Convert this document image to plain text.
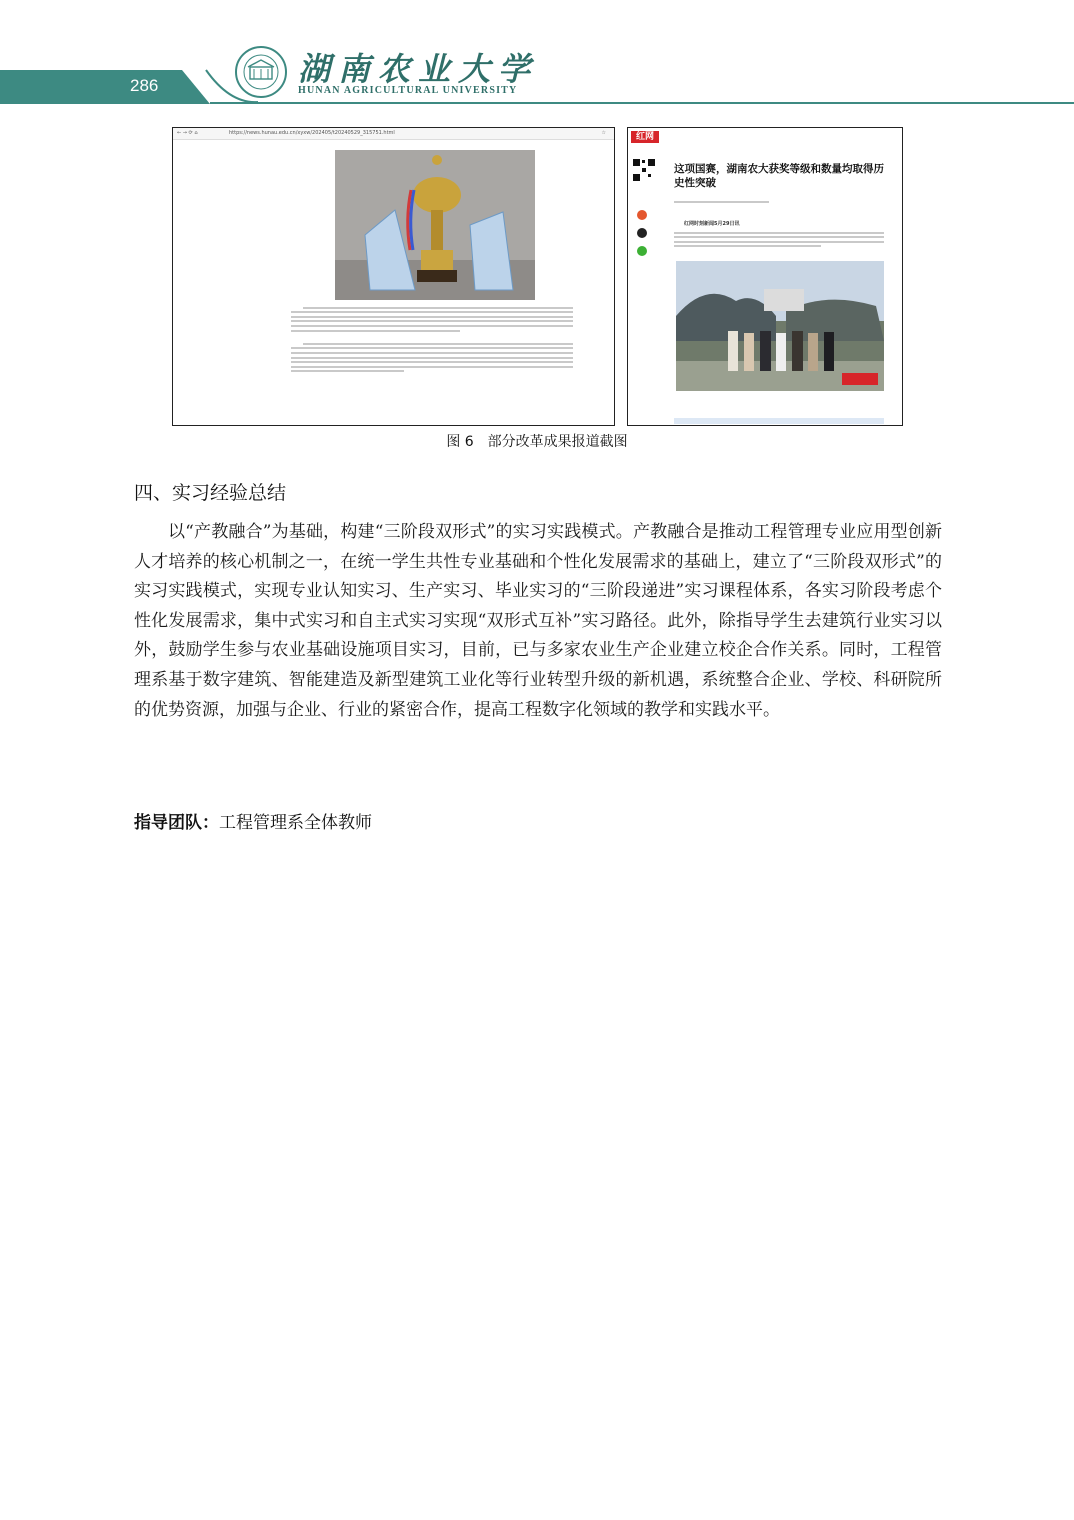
286	湖南农业大学
HUNAN AGRICULTURAL UNIVERSITY
← → ⟳ ⌂	https://news.hunau.edu.cn/xyxw/202405/t20240529_315751.html	☆	红网
这项国赛，湖南农大获奖等级和数量均取得历史性突破
红网时刻新闻5月29日讯
图 6　部分改革成果报道截图
四、实习经验总结
以“产教融合”为基础，构建“三阶段双形式”的实习实践模式。产教融合是推动工程管理专业应用型创新人才培养的核心机制之一，在统一学生共性专业基础和个性化发展需求的基础上，建立了“三阶段双形式”的实习实践模式，实现专业认知实习、生产实习、毕业实习的“三阶段递进”实习课程体系，各实习阶段考虑个性化发展需求，集中式实习和自主式实习实现“双形式互补”实习路径。此外，除指导学生去建筑行业实习以外，鼓励学生参与农业基础设施项目实习，目前，已与多家农业生产企业建立校企合作关系。同时，工程管理系基于数字建筑、智能建造及新型建筑工业化等行业转型升级的新机遇，系统整合企业、学校、科研院所的优势资源，加强与企业、行业的紧密合作，提高工程数字化领域的教学和实践水平。
指导团队：工程管理系全体教师
